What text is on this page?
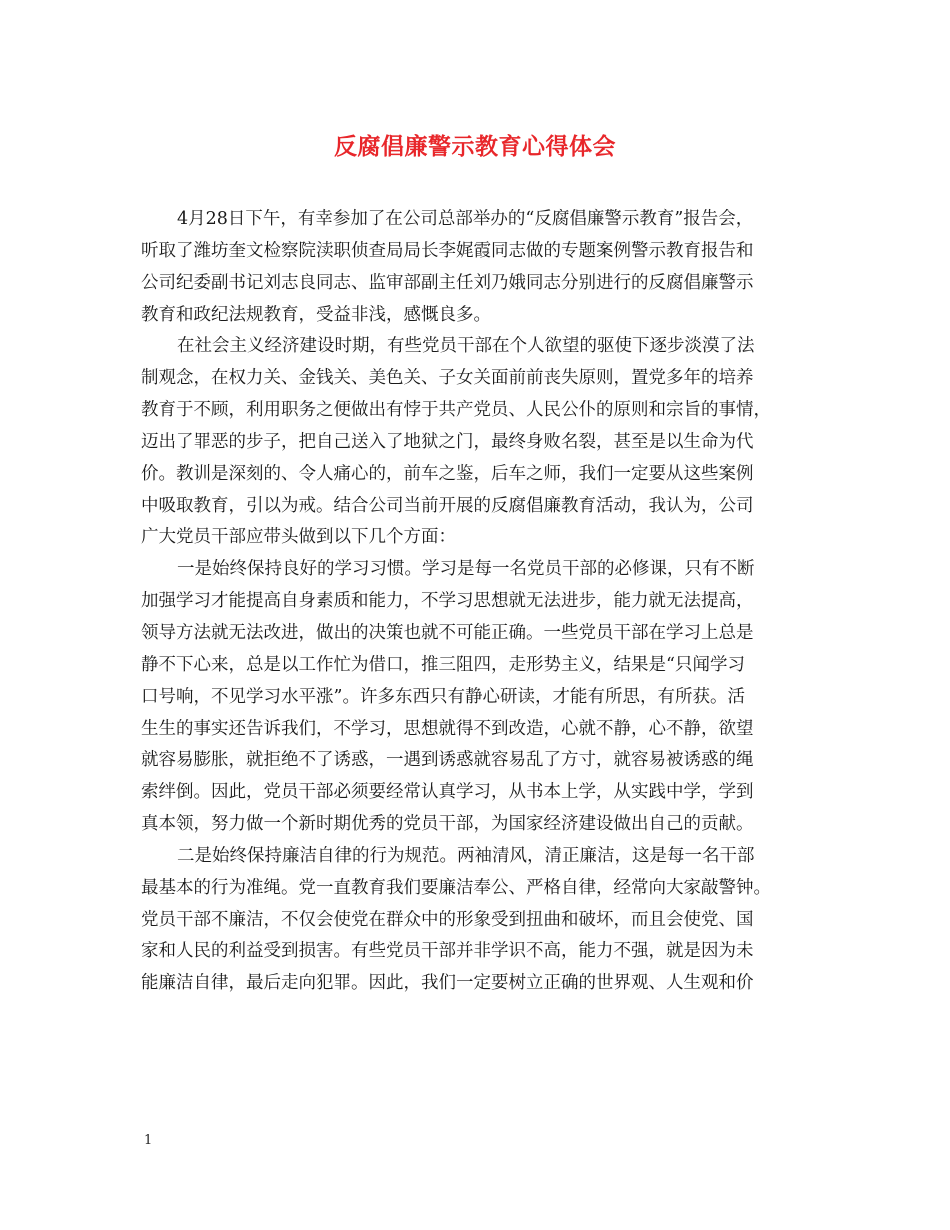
反腐倡廉警示教育心得体会
4月28日下午，有幸参加了在公司总部举办的“反腐倡廉警示教育”报告会，
听取了潍坊奎文检察院渎职侦查局局长李娓霞同志做的专题案例警示教育报告和
公司纪委副书记刘志良同志、监审部副主任刘乃娥同志分别进行的反腐倡廉警示
教育和政纪法规教育，受益非浅，感慨良多。
在社会主义经济建设时期，有些党员干部在个人欲望的驱使下逐步淡漠了法
制观念，在权力关、金钱关、美色关、子女关面前前丧失原则，置党多年的培养
教育于不顾，利用职务之便做出有悖于共产党员、人民公仆的原则和宗旨的事情，
迈出了罪恶的步子，把自己送入了地狱之门，最终身败名裂，甚至是以生命为代
价。教训是深刻的、令人痛心的，前车之鉴，后车之师，我们一定要从这些案例
中吸取教育，引以为戒。结合公司当前开展的反腐倡廉教育活动，我认为，公司
广大党员干部应带头做到以下几个方面：
一是始终保持良好的学习习惯。学习是每一名党员干部的必修课，只有不断
加强学习才能提高自身素质和能力，不学习思想就无法进步，能力就无法提高，
领导方法就无法改进，做出的决策也就不可能正确。一些党员干部在学习上总是
静不下心来，总是以工作忙为借口，推三阻四，走形势主义，结果是“只闻学习
口号响，不见学习水平涨”。许多东西只有静心研读，才能有所思，有所获。活
生生的事实还告诉我们，不学习，思想就得不到改造，心就不静，心不静，欲望
就容易膨胀，就拒绝不了诱惑，一遇到诱惑就容易乱了方寸，就容易被诱惑的绳
索绊倒。因此，党员干部必须要经常认真学习，从书本上学，从实践中学，学到
真本领，努力做一个新时期优秀的党员干部，为国家经济建设做出自己的贡献。
二是始终保持廉洁自律的行为规范。两袖清风，清正廉洁，这是每一名干部
最基本的行为准绳。党一直教育我们要廉洁奉公、严格自律，经常向大家敲警钟。
党员干部不廉洁，不仅会使党在群众中的形象受到扭曲和破坏，而且会使党、国
家和人民的利益受到损害。有些党员干部并非学识不高，能力不强，就是因为未
能廉洁自律，最后走向犯罪。因此，我们一定要树立正确的世界观、人生观和价
1
